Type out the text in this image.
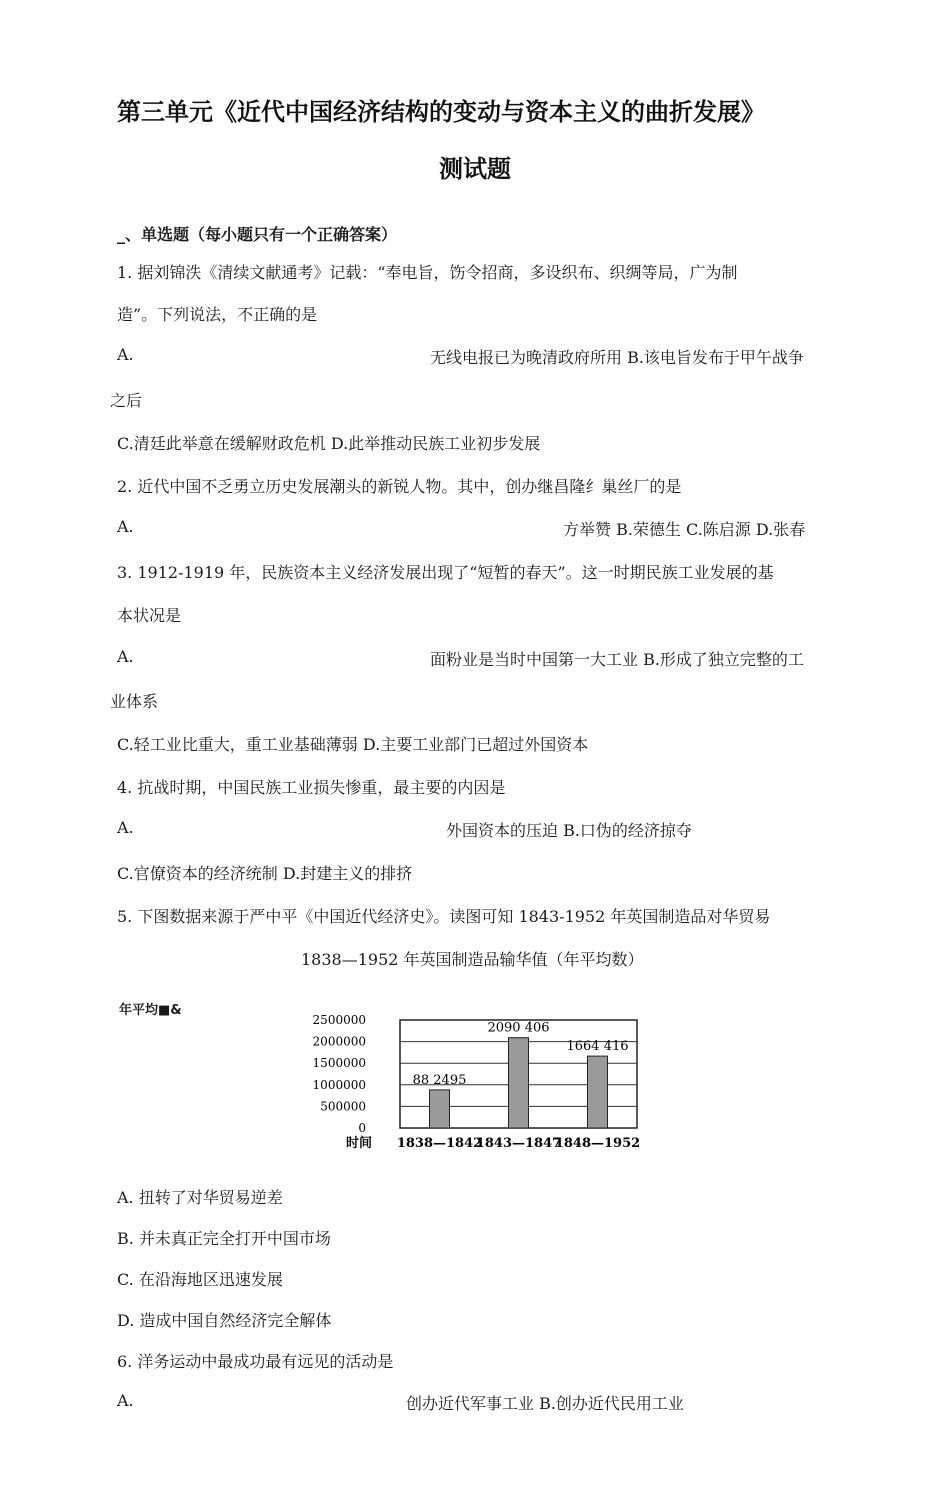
第三单元《近代中国经济结构的变动与资本主义的曲折发展》
测试题
_、单选题（每小题只有一个正确答案）
1. 据刘锦泆《清续文献通考》记载：“奉电旨，饬令招商，多设织布、织绸等局，广为制
造”。下列说法，不正确的是
A.	无线电报已为晚清政府所用 B.该电旨发布于甲午战争
之后
C.清廷此举意在缓解财政危机 D.此举推动民族工业初步发展
2. 近代中国不乏勇立历史发展潮头的新锐人物。其中，创办继昌隆纟巢丝厂的是
A.	方举赞 B.荣德生 C.陈启源 D.张春
3. 1912-1919 年，民族资本主义经济发展出现了“短暂的春天”。这一时期民族工业发展的基
本状况是
A.	面粉业是当时中国第一大工业 B.形成了独立完整的工
业体系
C.轻工业比重大，重工业基础薄弱 D.主要工业部门已超过外国资本
4. 抗战时期，中国民族工业损失惨重，最主要的内因是
A.	外国资本的压迫 B.口伪的经济掠夺
C.官僚资本的经济统制 D.封建主义的排挤
5. 下图数据来源于严中平《中国近代经济史》。读图可知 1843-1952 年英国制造品对华贸易
1838—1952 年英国制造品输华值（年平均数）
年平均■&
2500000
2000000
1500000
1000000
500000
0
88 2495
2090 406
1664 416
1838—1842
1843—1847
1848—1952
时间
A. 扭转了对华贸易逆差
B. 并未真正完全打开中国市场
C. 在沿海地区迅速发展
D. 造成中国自然经济完全解体
6. 洋务运动中最成功最有远见的活动是
A.	创办近代军事工业 B.创办近代民用工业
